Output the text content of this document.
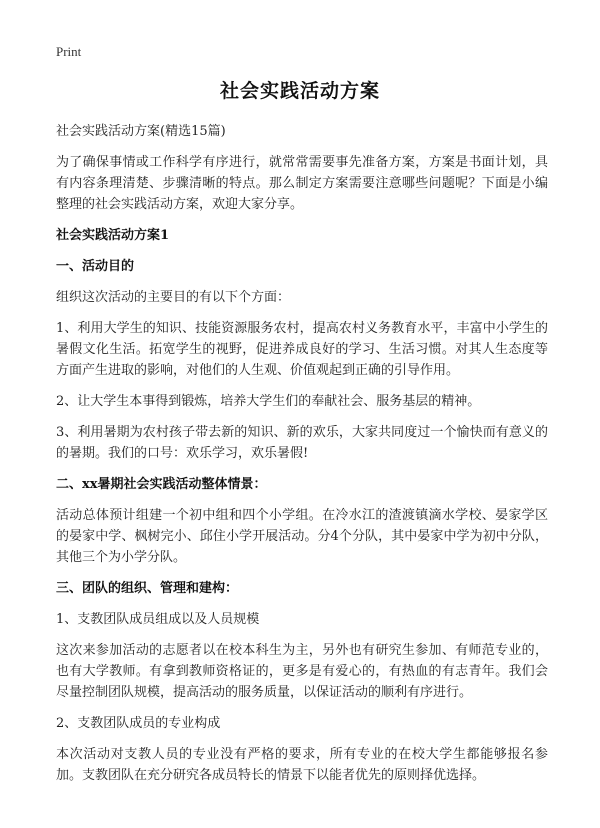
Print
社会实践活动方案

社会实践活动方案(精选15篇)

为了确保事情或工作科学有序进行，就常常需要事先准备方案，方案是书面计划，具有内容条理清楚、步骤清晰的特点。那么制定方案需要注意哪些问题呢？下面是小编整理的社会实践活动方案，欢迎大家分享。

社会实践活动方案1

一、活动目的

组织这次活动的主要目的有以下个方面：

1、利用大学生的知识、技能资源服务农村，提高农村义务教育水平，丰富中小学生的暑假文化生活。拓宽学生的视野，促进养成良好的学习、生活习惯。对其人生态度等方面产生进取的影响，对他们的人生观、价值观起到正确的引导作用。

2、让大学生本事得到锻炼，培养大学生们的奉献社会、服务基层的精神。

3、利用暑期为农村孩子带去新的知识、新的欢乐，大家共同度过一个愉快而有意义的的暑期。我们的口号：欢乐学习，欢乐暑假!

二、xx暑期社会实践活动整体情景：

活动总体预计组建一个初中组和四个小学组。在冷水江的渣渡镇滴水学校、晏家学区的晏家中学、枫树完小、邱住小学开展活动。分4个分队，其中晏家中学为初中分队，其他三个为小学分队。

三、团队的组织、管理和建构：

1、支教团队成员组成以及人员规模

这次来参加活动的志愿者以在校本科生为主，另外也有研究生参加、有师范专业的，也有大学教师。有拿到教师资格证的，更多是有爱心的，有热血的有志青年。我们会尽量控制团队规模，提高活动的服务质量，以保证活动的顺利有序进行。

2、支教团队成员的专业构成

本次活动对支教人员的专业没有严格的要求，所有专业的在校大学生都能够报名参加。支教团队在充分研究各成员特长的情景下以能者优先的原则择优选择。
